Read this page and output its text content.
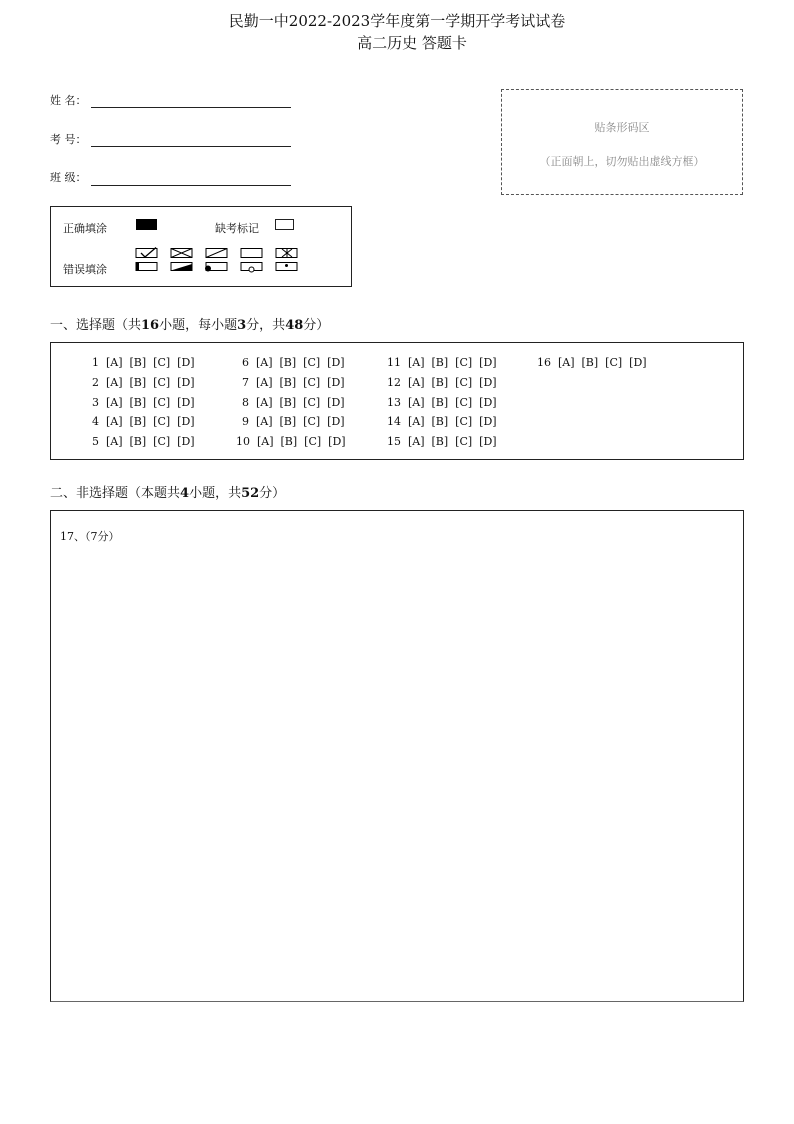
民勤一中2022-2023学年度第一学期开学考试试卷
高二历史 答题卡
姓 名：
考 号：
班 级：
贴条形码区
（正面朝上，切勿贴出虚线方框）
正确填涂	缺考标记
错误填涂
一、选择题（共16小题，每小题3分，共48分）
1  [A]  [B]  [C]  [D]
2  [A]  [B]  [C]  [D]
3  [A]  [B]  [C]  [D]
4  [A]  [B]  [C]  [D]
5  [A]  [B]  [C]  [D]
6  [A]  [B]  [C]  [D]
7  [A]  [B]  [C]  [D]
8  [A]  [B]  [C]  [D]
9  [A]  [B]  [C]  [D]
10  [A]  [B]  [C]  [D]
11  [A]  [B]  [C]  [D]
12  [A]  [B]  [C]  [D]
13  [A]  [B]  [C]  [D]
14  [A]  [B]  [C]  [D]
15  [A]  [B]  [C]  [D]
16  [A]  [B]  [C]  [D]
二、非选择题（本题共4小题，共52分）
17、（7分）
